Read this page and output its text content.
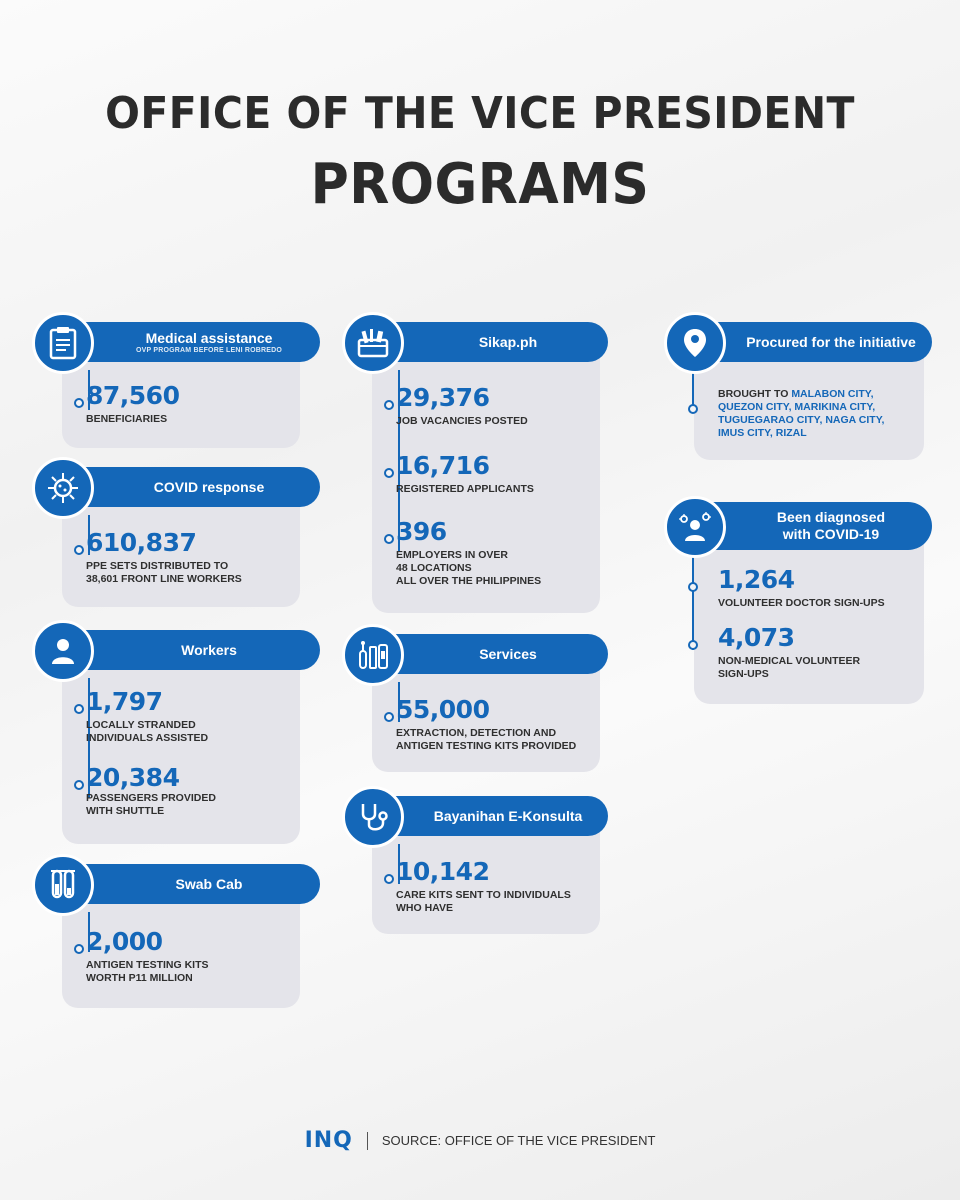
OFFICE OF THE VICE PRESIDENT
PROGRAMS
Medical assistance
OVP PROGRAM BEFORE LENI ROBREDO
87,560
BENEFICIARIES
COVID response
610,837
PPE SETS DISTRIBUTED TO
38,601 FRONT LINE WORKERS
Workers
1,797
LOCALLY STRANDED
INDIVIDUALS ASSISTED
20,384
PASSENGERS PROVIDED
WITH SHUTTLE
Swab Cab
2,000
ANTIGEN TESTING KITS
WORTH P11 MILLION
Sikap.ph
29,376
JOB VACANCIES POSTED
16,716
REGISTERED APPLICANTS
396
EMPLOYERS IN OVER
48 LOCATIONS
ALL OVER THE PHILIPPINES
Services
55,000
EXTRACTION, DETECTION AND
ANTIGEN TESTING KITS PROVIDED
Bayanihan E-Konsulta
10,142
CARE KITS SENT TO INDIVIDUALS
WHO HAVE
Procured for the initiative
BROUGHT TO MALABON CITY,
QUEZON CITY, MARIKINA CITY,
TUGUEGARAO CITY, NAGA CITY,
IMUS CITY, RIZAL
Been diagnosed
with COVID-19
1,264
VOLUNTEER DOCTOR SIGN-UPS
4,073
NON-MEDICAL VOLUNTEER
SIGN-UPS
INQ SOURCE: OFFICE OF THE VICE PRESIDENT
